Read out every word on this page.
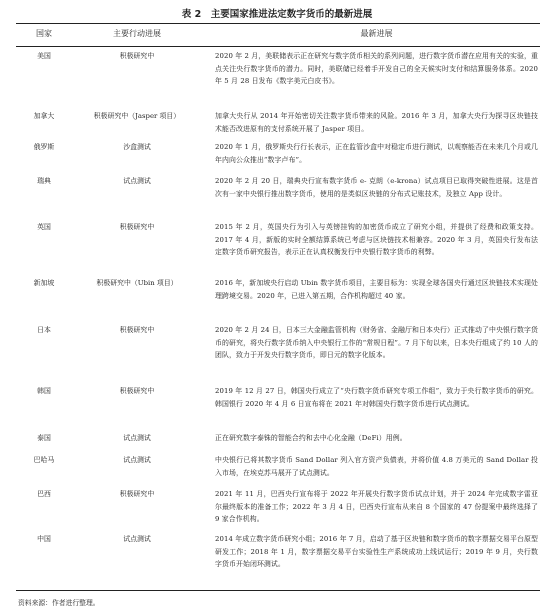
表 2　主要国家推进法定数字货币的最新进展
国家	主要行动进展	最新进展
美国	积极研究中	2020 年 2 月，美联储表示正在研究与数字货币相关的系列问题，进行数字货币潜在应用有关的实验，重点关注央行数字货币的潜力。同时，美联储已经着手开发自己的全天候实时支付和结算服务体系。2020 年 5 月 28 日发布《数字美元白皮书》。
加拿大	积极研究中（Jasper 项目）	加拿大央行从 2014 年开始密切关注数字货币带来的风险。2016 年 3 月，加拿大央行为探寻区块链技术能否改进原有的支付系统开展了 Jasper 项目。
俄罗斯	沙盒测试	2020 年 1 月，俄罗斯央行行长表示，正在监管沙盒中对稳定币进行测试，以观察能否在未来几个月或几年内向公众推出“数字卢布”。
瑞典	试点测试	2020 年 2 月 20 日，瑞典央行宣布数字货币 e- 克朗（e-krona）试点项目已取得突破性进展。这是首次有一家中央银行推出数字货币，使用的是类似区块链的分布式记账技术，及独立 App 设计。
英国	积极研究中	2015 年 2 月，英国央行为引入与英镑挂钩的加密货币成立了研究小组，并提供了经费和政策支持。2017 年 4 月，新版的实时全额结算系统已考虑与区块链技术相兼容。2020 年 3 月，英国央行发布法定数字货币研究报告，表示正在认真权衡发行中央银行数字货币的利弊。
新加坡	积极研究中（Ubin 项目）	2016 年，新加坡央行启动 Ubin 数字货币项目，主要目标为：实现全球各国央行通过区块链技术实现处理跨境交易。2020 年，已进入第五期，合作机构超过 40 家。
日本	积极研究中	2020 年 2 月 24 日，日本三大金融监管机构（财务省、金融厅和日本央行）正式推动了中央银行数字货币的研究，将央行数字货币纳入中央银行工作的“常规日程”。7 月下旬以来，日本央行组成了约 10 人的团队，致力于开发央行数字货币，即日元的数字化版本。
韩国	积极研究中	2019 年 12 月 27 日，韩国央行成立了“央行数字货币研究专项工作组”，致力于央行数字货币的研究。韩国银行 2020 年 4 月 6 日宣布将在 2021 年对韩国央行数字货币进行试点测试。
泰国	试点测试	正在研究数字泰铢的智能合约和去中心化金融（DeFi）用例。
巴哈马	试点测试	中央银行已将其数字货币 Sand Dollar 列入官方资产负债表，并将价值 4.8 万美元的 Sand Dollar 投入市场，在埃克苏马展开了试点测试。
巴西	积极研究中	2021 年 11 月，巴西央行宣布将于 2022 年开展央行数字货币试点计划，并于 2024 年完成数字雷亚尔最终版本的准备工作；2022 年 3 月 4 日，巴西央行宣布从来自 8 个国家的 47 份提案中最终选择了 9 家合作机构。
中国	试点测试	2014 年成立数字货币研究小组；2016 年 7 月，启动了基于区块链和数字货币的数字票据交易平台原型研发工作；2018 年 1 月，数字票据交易平台实验性生产系统成功上线试运行；2019 年 9 月，央行数字货币开始闭环测试。
资料来源：作者进行整理。
